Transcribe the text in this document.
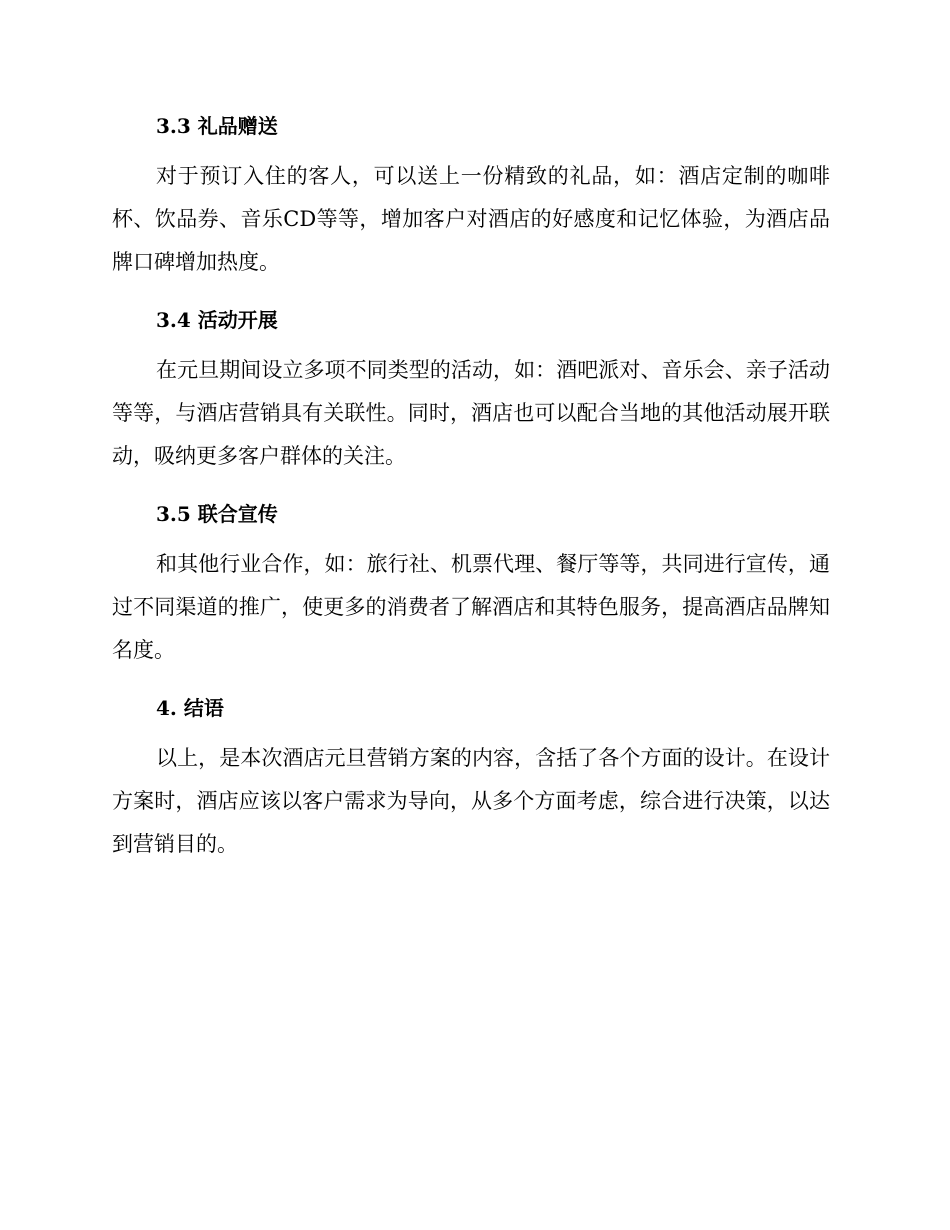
3.3 礼品赠送

对于预订入住的客人，可以送上一份精致的礼品，如：酒店定制的咖啡杯、饮品券、音乐CD等等，增加客户对酒店的好感度和记忆体验，为酒店品牌口碑增加热度。

3.4 活动开展

在元旦期间设立多项不同类型的活动，如：酒吧派对、音乐会、亲子活动等等，与酒店营销具有关联性。同时，酒店也可以配合当地的其他活动展开联动，吸纳更多客户群体的关注。

3.5 联合宣传

和其他行业合作，如：旅行社、机票代理、餐厅等等，共同进行宣传，通过不同渠道的推广，使更多的消费者了解酒店和其特色服务，提高酒店品牌知名度。

4. 结语

以上，是本次酒店元旦营销方案的内容，含括了各个方面的设计。在设计方案时，酒店应该以客户需求为导向，从多个方面考虑，综合进行决策，以达到营销目的。
